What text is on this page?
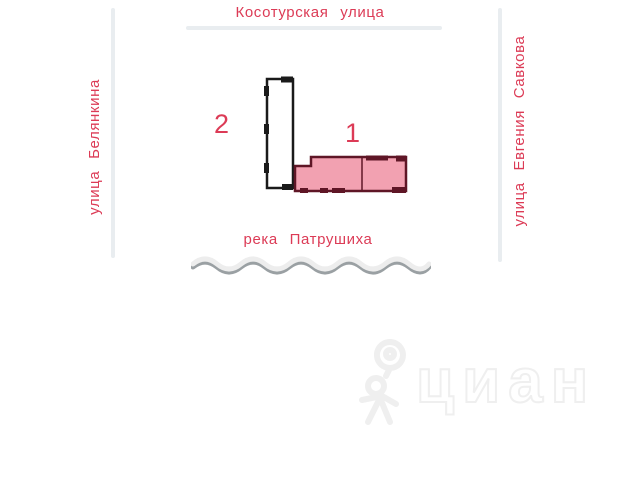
Косотурская улица
улица Белянкина	улица Евгения Савкова
2	1
река Патрушиха
циан
